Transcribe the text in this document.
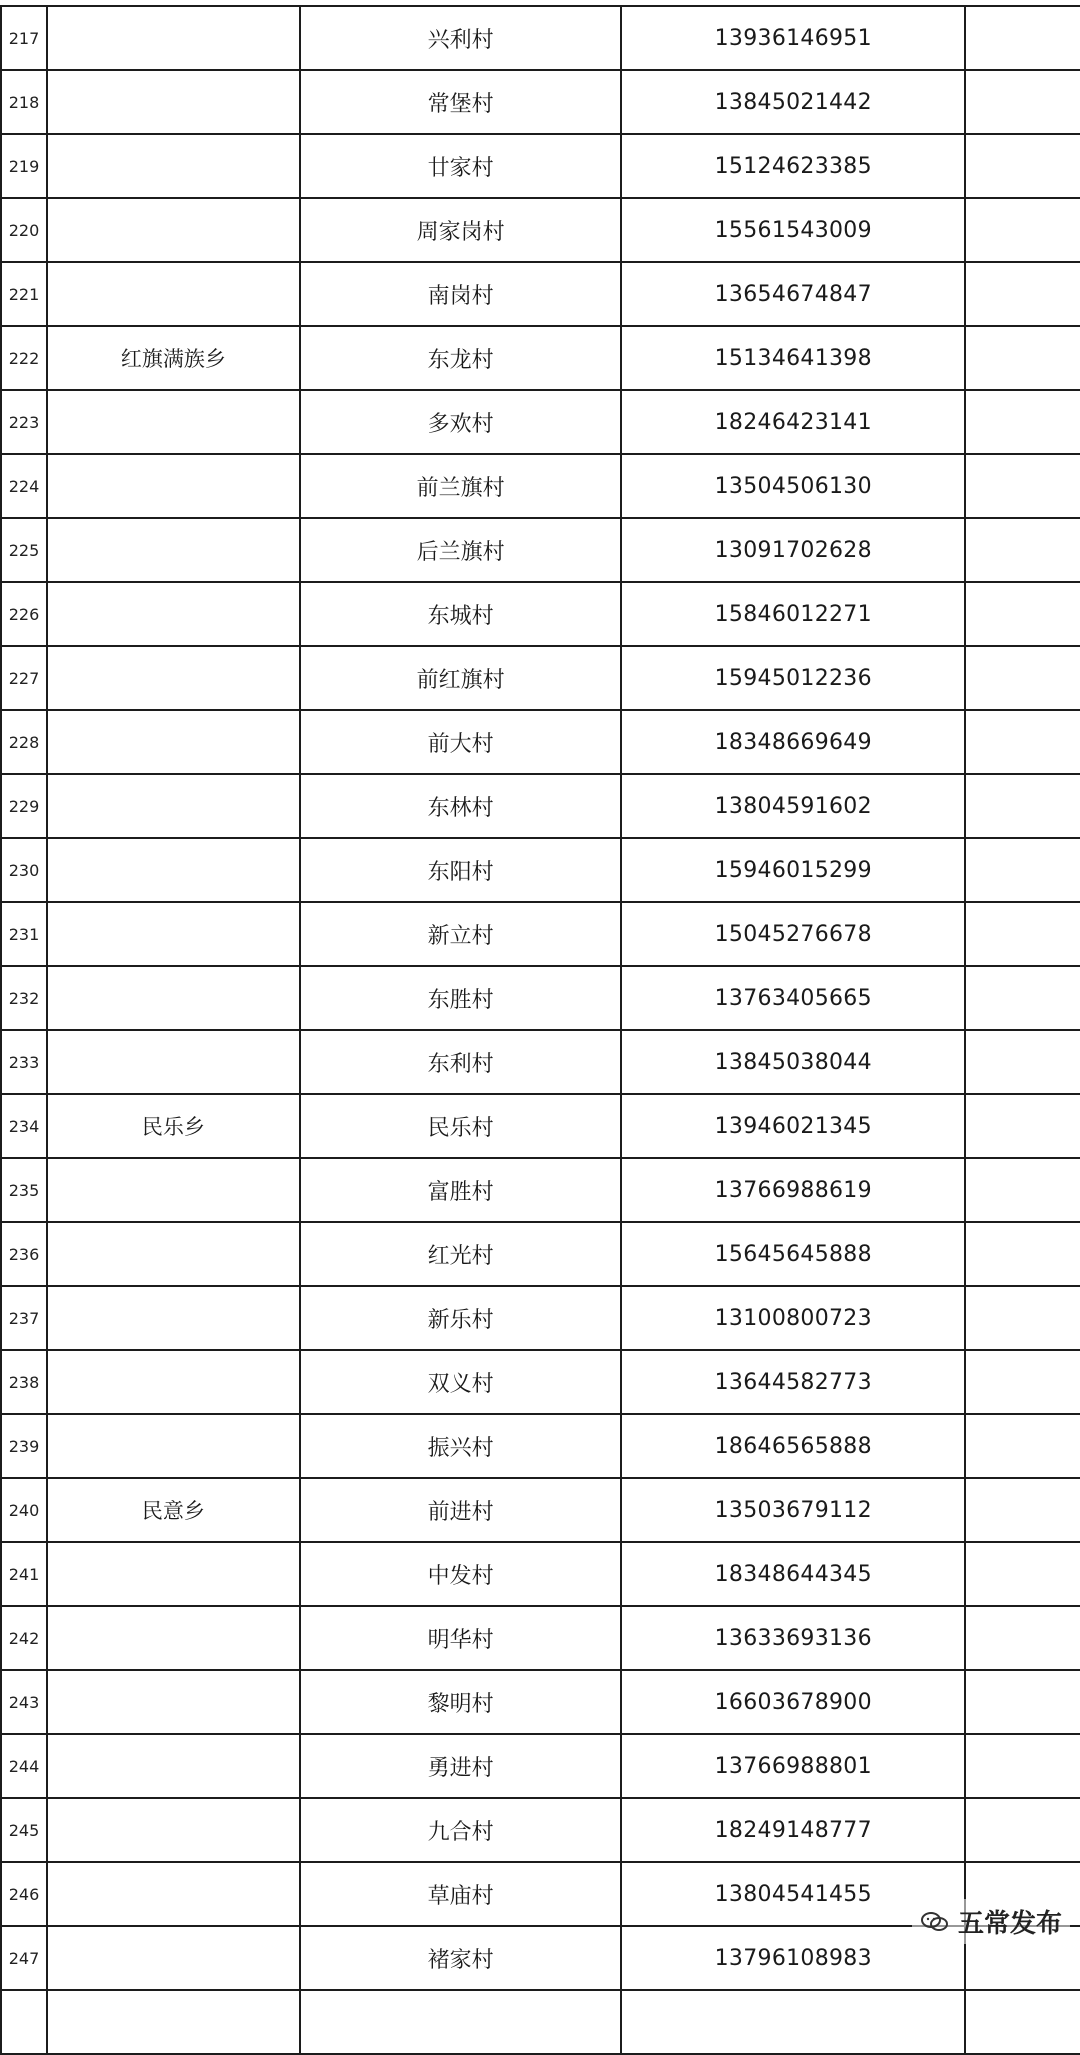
217		兴利村	13936146951	
218		常堡村	13845021442	
219		廿家村	15124623385	
220		周家岗村	15561543009	
221		南岗村	13654674847	
222	红旗满族乡	东龙村	15134641398	
223		多欢村	18246423141	
224		前兰旗村	13504506130	
225		后兰旗村	13091702628	
226		东城村	15846012271	
227		前红旗村	15945012236	
228		前大村	18348669649	
229		东林村	13804591602	
230		东阳村	15946015299	
231		新立村	15045276678	
232		东胜村	13763405665	
233		东利村	13845038044	
234	民乐乡	民乐村	13946021345	
235		富胜村	13766988619	
236		红光村	15645645888	
237		新乐村	13100800723	
238		双义村	13644582773	
239		振兴村	18646565888	
240	民意乡	前进村	13503679112	
241		中发村	18348644345	
242		明华村	13633693136	
243		黎明村	16603678900	
244		勇进村	13766988801	
245		九合村	18249148777	
246		草庙村	13804541455	
247		褚家村	13796108983	

五常发布
